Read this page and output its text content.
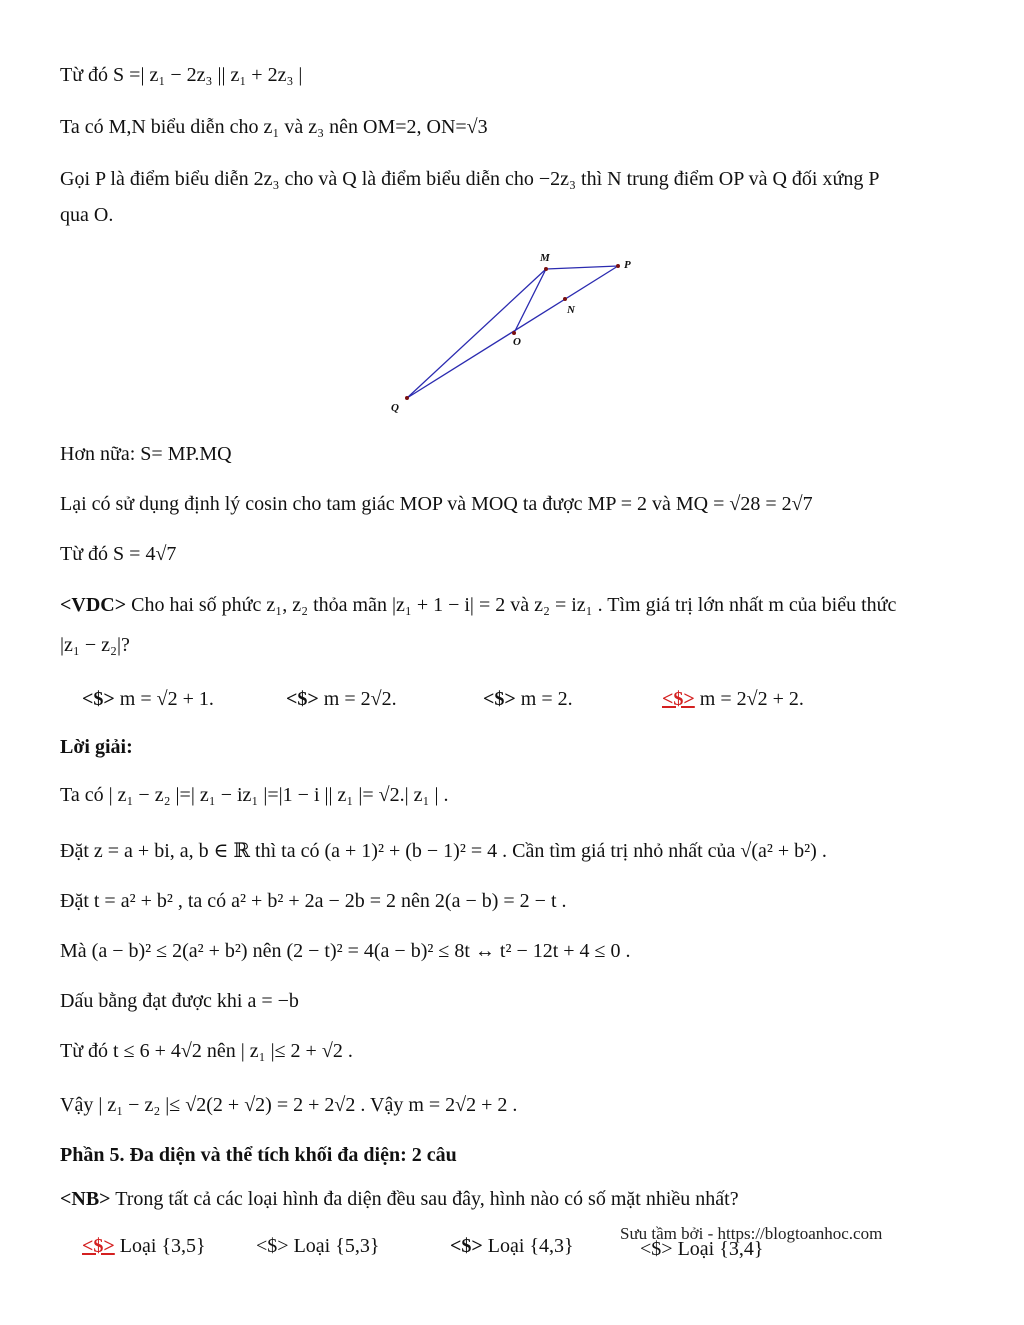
Từ đó S =| z₁ − 2z₃ || z₁ + 2z₃ |
Ta có M,N biểu diễn cho z₁ và z₃ nên OM=2, ON=√3
Gọi P là điểm biểu diễn 2z₃ cho và Q là điểm biểu diễn cho −2z₃ thì N trung điểm OP và Q đối xứng P
qua O.
M
P
N
O
Q
Hơn nữa: S= MP.MQ
Lại có sử dụng định lý cosin cho tam giác MOP và MOQ ta được MP = 2 và MQ = √28 = 2√7
Từ đó S = 4√7
<VDC> Cho hai số phức z₁, z₂ thỏa mãn |z₁ + 1 − i| = 2 và z₂ = iz₁ . Tìm giá trị lớn nhất m của biểu thức
|z₁ − z₂|?
<$> m = √2 + 1.	<$> m = 2√2.	<$> m = 2.	<$> m = 2√2 + 2.
Lời giải:
Ta có | z₁ − z₂ |=| z₁ − iz₁ |=|1 − i || z₁ |= √2.| z₁ | .
Đặt z = a + bi, a, b ∈ ℝ thì ta có (a + 1)² + (b − 1)² = 4 . Cần tìm giá trị nhỏ nhất của √(a² + b²) .
Đặt t = a² + b² , ta có a² + b² + 2a − 2b = 2 nên 2(a − b) = 2 − t .
Mà (a − b)² ≤ 2(a² + b²) nên (2 − t)² = 4(a − b)² ≤ 8t ↔ t² − 12t + 4 ≤ 0 .
Dấu bằng đạt được khi a = −b
Từ đó t ≤ 6 + 4√2 nên | z₁ |≤ 2 + √2 .
Vậy | z₁ − z₂ |≤ √2(2 + √2) = 2 + 2√2 . Vậy m = 2√2 + 2 .
Phần 5. Đa diện và thể tích khối đa diện: 2 câu
<NB> Trong tất cả các loại hình đa diện đều sau đây, hình nào có số mặt nhiều nhất?
<$> Loại {3,5}	<$> Loại {5,3}	<$> Loại {4,3}	<$> Loại {3,4}
Sưu tầm bởi - https://blogtoanhoc.com
